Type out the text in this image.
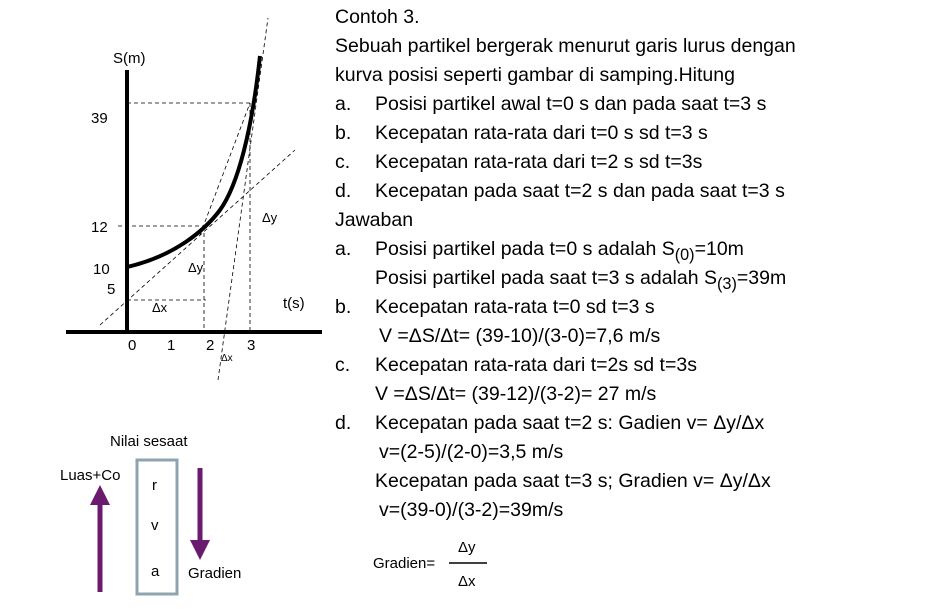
S(m)
t(s)
39
12
10
5
0 1 2 3
Δx
Δx
Δy
Δy
Nilai sesaat
Luas+Co
r
v
a Gradien
Gradien=
Δy
Δx
Contoh 3.
Sebuah partikel bergerak menurut garis lurus dengan
kurva posisi seperti gambar di samping.Hitung
a. Posisi partikel awal t=0 s dan pada saat t=3 s
b. Kecepatan rata-rata dari t=0 s sd t=3 s
c. Kecepatan rata-rata dari t=2 s sd t=3s
d. Kecepatan pada saat t=2 s dan pada saat t=3 s
Jawaban
a. Posisi partikel pada t=0 s adalah $S_{(0)}=10m$
Posisi partikel pada saat t=3 s adalah $S_{(3)}=39m$
b. Kecepatan rata-rata t=0 sd t=3 s
V =ΔS/Δt= (39-10)/(3-0)=7,6 m/s
c. Kecepatan rata-rata dari t=2s sd t=3s
V =ΔS/Δt= (39-12)/(3-2)= 27 m/s
d. Kecepatan pada saat t=2 s: Gadien v= Δy/Δx
v=(2-5)/(2-0)=3,5 m/s
Kecepatan pada saat t=3 s; Gradien v= Δy/Δx
v=(39-0)/(3-2)=39m/s
